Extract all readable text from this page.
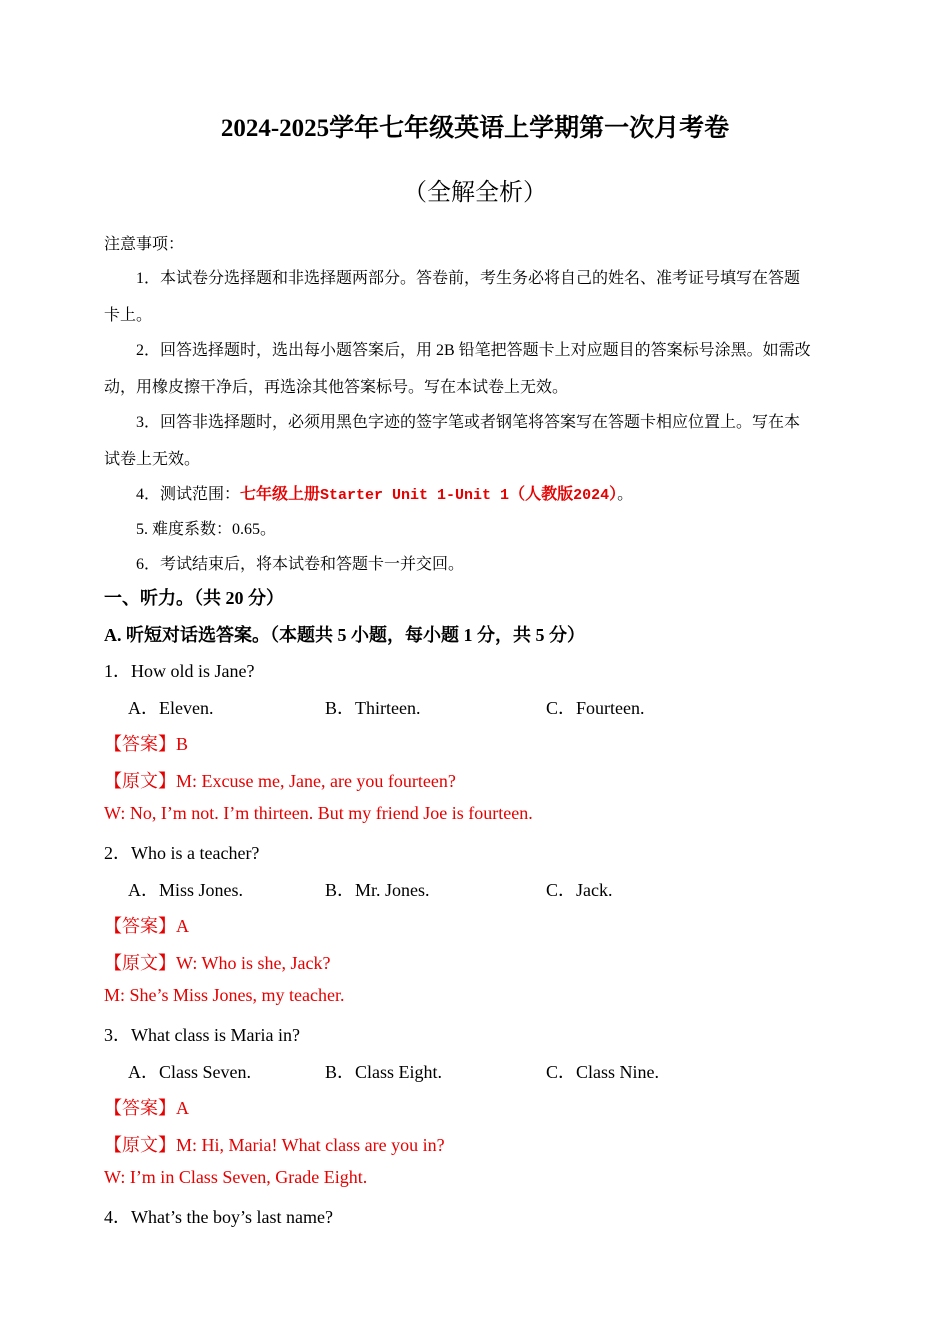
2024-2025学年七年级英语上学期第一次月考卷
（全解全析）
注意事项：
1．本试卷分选择题和非选择题两部分。答卷前，考生务必将自己的姓名、准考证号填写在答题
卡上。
2．回答选择题时，选出每小题答案后，用 2B 铅笔把答题卡上对应题目的答案标号涂黑。如需改
动，用橡皮擦干净后，再选涂其他答案标号。写在本试卷上无效。
3．回答非选择题时，必须用黑色字迹的签字笔或者钢笔将答案写在答题卡相应位置上。写在本
试卷上无效。
4．测试范围：七年级上册Starter Unit 1-Unit 1（人教版2024）。
5. 难度系数：0.65。
6．考试结束后，将本试卷和答题卡一并交回。
一、听力。（共 20 分）
A. 听短对话选答案。（本题共 5 小题，每小题 1 分，共 5 分）
1．How old is Jane?
A．Eleven.	B．Thirteen.	C．Fourteen.
【答案】B
【原文】M: Excuse me, Jane, are you fourteen?
W: No, I’m not. I’m thirteen. But my friend Joe is fourteen.
2．Who is a teacher?
A．Miss Jones.	B．Mr. Jones.	C．Jack.
【答案】A
【原文】W: Who is she, Jack?
M: She’s Miss Jones, my teacher.
3．What class is Maria in?
A．Class Seven.	B．Class Eight.	C．Class Nine.
【答案】A
【原文】M: Hi, Maria! What class are you in?
W: I’m in Class Seven, Grade Eight.
4．What’s the boy’s last name?
